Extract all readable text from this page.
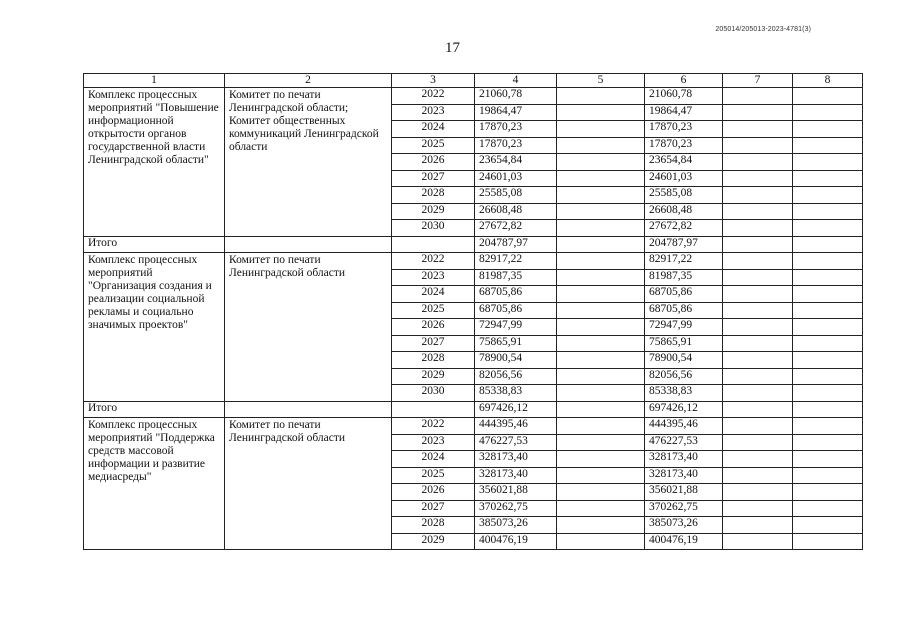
205014/205013-2023-4781(3)
17
1	2	3	4	5	6	7	8
Комплекс процессных мероприятий "Повышение информационной открытости органов государственной власти Ленинградской области"	Комитет по печати Ленинградской области; Комитет общественных коммуникаций Ленинградской области	2022	21060,78		21060,78		
		2023	19864,47		19864,47		
		2024	17870,23		17870,23		
		2025	17870,23		17870,23		
		2026	23654,84		23654,84		
		2027	24601,03		24601,03		
		2028	25585,08		25585,08		
		2029	26608,48		26608,48		
		2030	27672,82		27672,82		
Итого			204787,97		204787,97		
Комплекс процессных мероприятий "Организация создания и реализации социальной рекламы и социально значимых проектов"	Комитет по печати Ленинградской области	2022	82917,22		82917,22		
		2023	81987,35		81987,35		
		2024	68705,86		68705,86		
		2025	68705,86		68705,86		
		2026	72947,99		72947,99		
		2027	75865,91		75865,91		
		2028	78900,54		78900,54		
		2029	82056,56		82056,56		
		2030	85338,83		85338,83		
Итого			697426,12		697426,12		
Комплекс процессных мероприятий "Поддержка средств массовой информации и развитие медиасреды"	Комитет по печати Ленинградской области	2022	444395,46		444395,46		
		2023	476227,53		476227,53		
		2024	328173,40		328173,40		
		2025	328173,40		328173,40		
		2026	356021,88		356021,88		
		2027	370262,75		370262,75		
		2028	385073,26		385073,26		
		2029	400476,19		400476,19		
